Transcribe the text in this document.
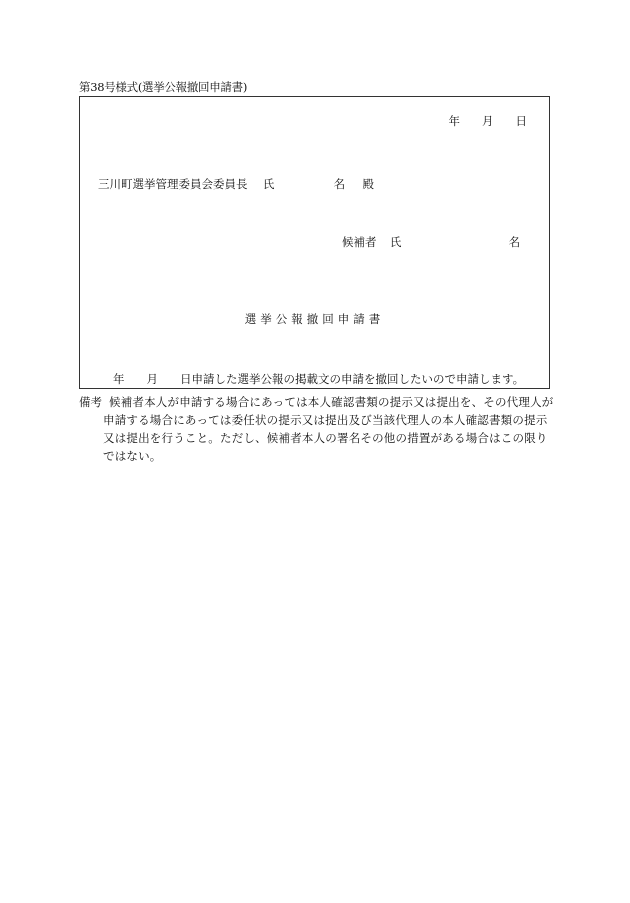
第38号様式(選挙公報撤回申請書)
年 月 日
三川町選挙管理委員会委員長 氏	名 殿
候補者 氏	名
選挙公報撤回申請書
年 月 日申請した選挙公報の掲載文の申請を撤回したいので申請します。
備考 候補者本人が申請する場合にあっては本人確認書類の提示又は提出を、その代理人が申請する場合にあっては委任状の提示又は提出及び当該代理人の本人確認書類の提示又は提出を行うこと。ただし、候補者本人の署名その他の措置がある場合はこの限りではない。
